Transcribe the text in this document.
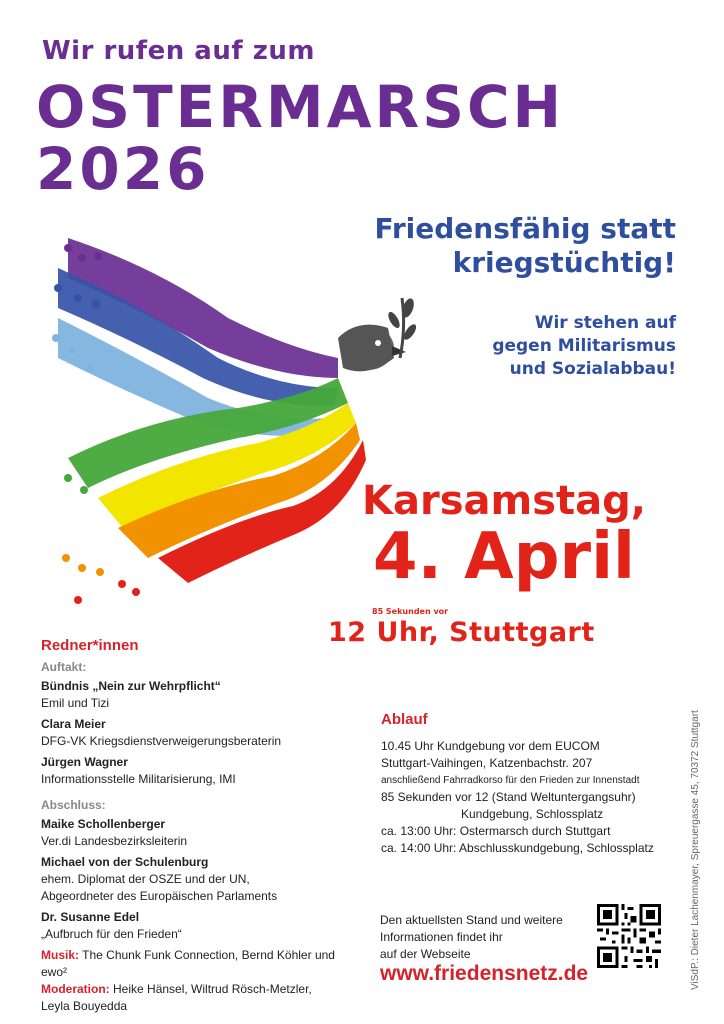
Wir rufen auf zum
OSTERMARSCH
2026
Friedensfähig statt
kriegstüchtig!
Wir stehen auf
gegen Militarismus
und Sozialabbau!
Karsamstag,
4. April
85 Sekunden vor
12 Uhr, Stuttgart
Redner*innen
Auftakt:
Bündnis „Nein zur Wehrpflicht“
Emil und Tizi
Clara Meier
DFG-VK Kriegsdienstverweigerungsberaterin
Jürgen Wagner
Informationsstelle Militarisierung, IMI
Abschluss:
Maike Schollenberger
Ver.di Landesbezirksleiterin
Michael von der Schulenburg
ehem. Diplomat der OSZE und der UN,
Abgeordneter des Europäischen Parlaments
Dr. Susanne Edel
„Aufbruch für den Frieden“
Musik: The Chunk Funk Connection, Bernd Köhler und ewo²
Moderation: Heike Hänsel, Wiltrud Rösch-Metzler,
Leyla Bouyedda
Ablauf
10.45 Uhr Kundgebung vor dem EUCOM
Stuttgart-Vaihingen, Katzenbachstr. 207
anschließend Fahrradkorso für den Frieden zur Innenstadt
85 Sekunden vor 12 (Stand Weltuntergangsuhr)
Kundgebung, Schlossplatz
ca. 13:00 Uhr: Ostermarsch durch Stuttgart
ca. 14:00 Uhr: Abschlusskundgebung, Schlossplatz
Den aktuellsten Stand und weitere
Informationen findet ihr
auf der Webseite
www.friedensnetz.de	ViSdP.: Dieter Lachenmayer, Spreuergasse 45, 70372 Stuttgart
